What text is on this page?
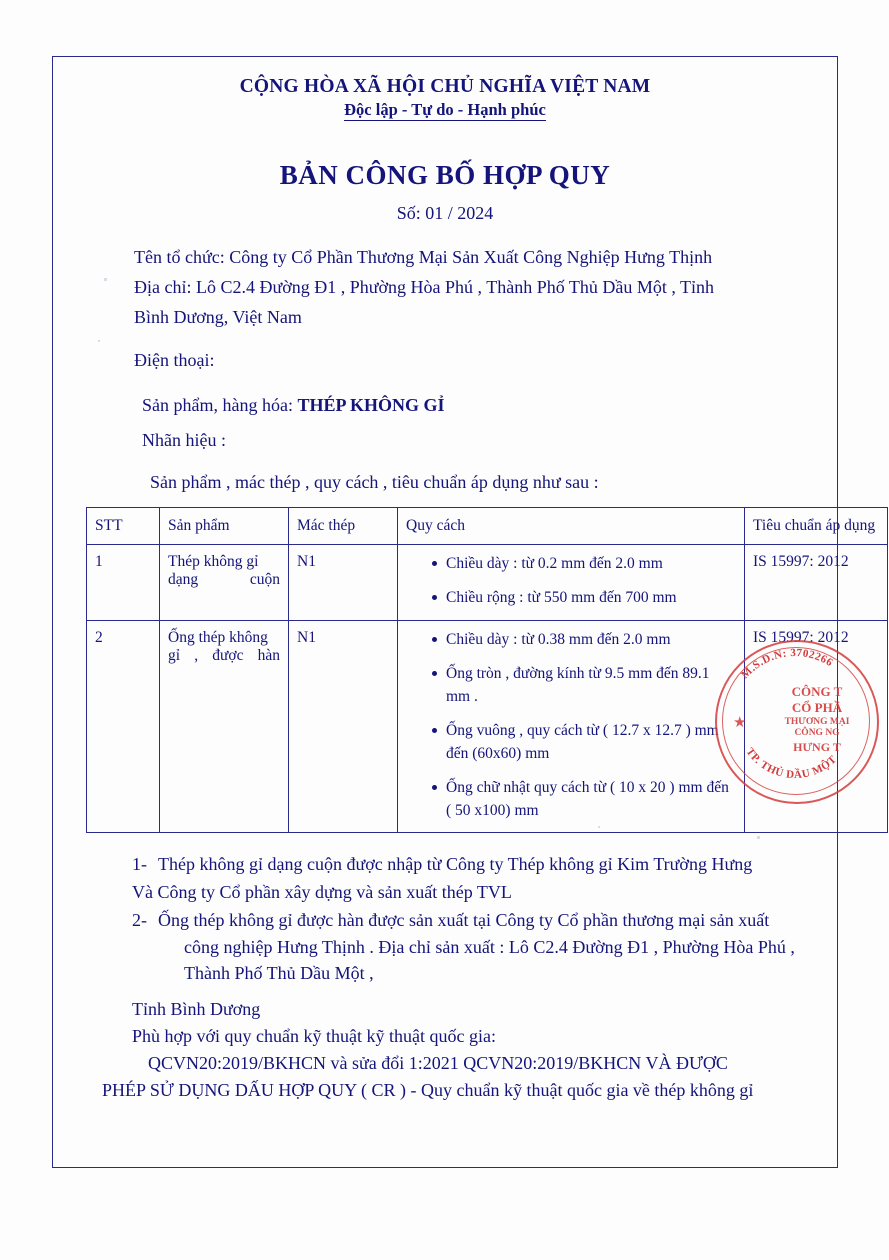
CỘNG HÒA XÃ HỘI CHỦ NGHĨA VIỆT NAM
Độc lập - Tự do - Hạnh phúc
BẢN CÔNG BỐ HỢP QUY
Số: 01 / 2024

Tên tổ chức: Công ty Cổ Phần Thương Mại Sản Xuất Công Nghiệp Hưng Thịnh

Địa chỉ: Lô C2.4 Đường Đ1 , Phường Hòa Phú , Thành Phố Thủ Dầu Một , Tỉnh

Bình Dương, Việt Nam

Điện thoại:

Sản phẩm, hàng hóa: THÉP KHÔNG GỈ

Nhãn hiệu :

Sản phẩm , mác thép , quy cách , tiêu chuẩn áp dụng như sau :
STT	Sản phẩm	Mác thép	Quy cách	Tiêu chuẩn áp dụng
1	Thép không gỉ dạng cuộn	N1	Chiều dày : từ 0.2 mm đến 2.0 mm
Chiều rộng : từ 550 mm đến 700 mm
	IS 15997: 2012
2	Ống thép không gỉ , được hàn	N1	Chiều dày : từ 0.38 mm đến 2.0 mm
Ống tròn , đường kính từ 9.5 mm đến 89.1 mm .
Ống vuông , quy cách từ ( 12.7 x 12.7 ) mm đến (60x60) mm
Ống chữ nhật quy cách từ ( 10 x 20 ) mm đến ( 50 x100) mm
	IS 15997: 2012
1- Thép không gỉ dạng cuộn được nhập từ Công ty Thép không gỉ Kim Trường Hưng
Và Công ty Cổ phần xây dựng và sản xuất thép TVL
2- Ống thép không gỉ được hàn được sản xuất tại Công ty Cổ phần thương mại sản xuất
công nghiệp Hưng Thịnh . Địa chỉ sản xuất : Lô C2.4 Đường Đ1 , Phường Hòa Phú ,
Thành Phố Thủ Dầu Một ,
Tỉnh Bình Dương
Phù hợp với quy chuẩn kỹ thuật kỹ thuật quốc gia:
QCVN20:2019/BKHCN và sửa đổi 1:2021 QCVN20:2019/BKHCN VÀ ĐƯỢC
PHÉP SỬ DỤNG DẤU HỢP QUY ( CR ) - Quy chuẩn kỹ thuật quốc gia về thép không gỉ
★
M.S.D.N: 3702266
TP. THỦ DẦU MỘT
CÔNG T
CỔ PHẦ
THƯƠNG MẠI
CÔNG NG
HƯNG T
